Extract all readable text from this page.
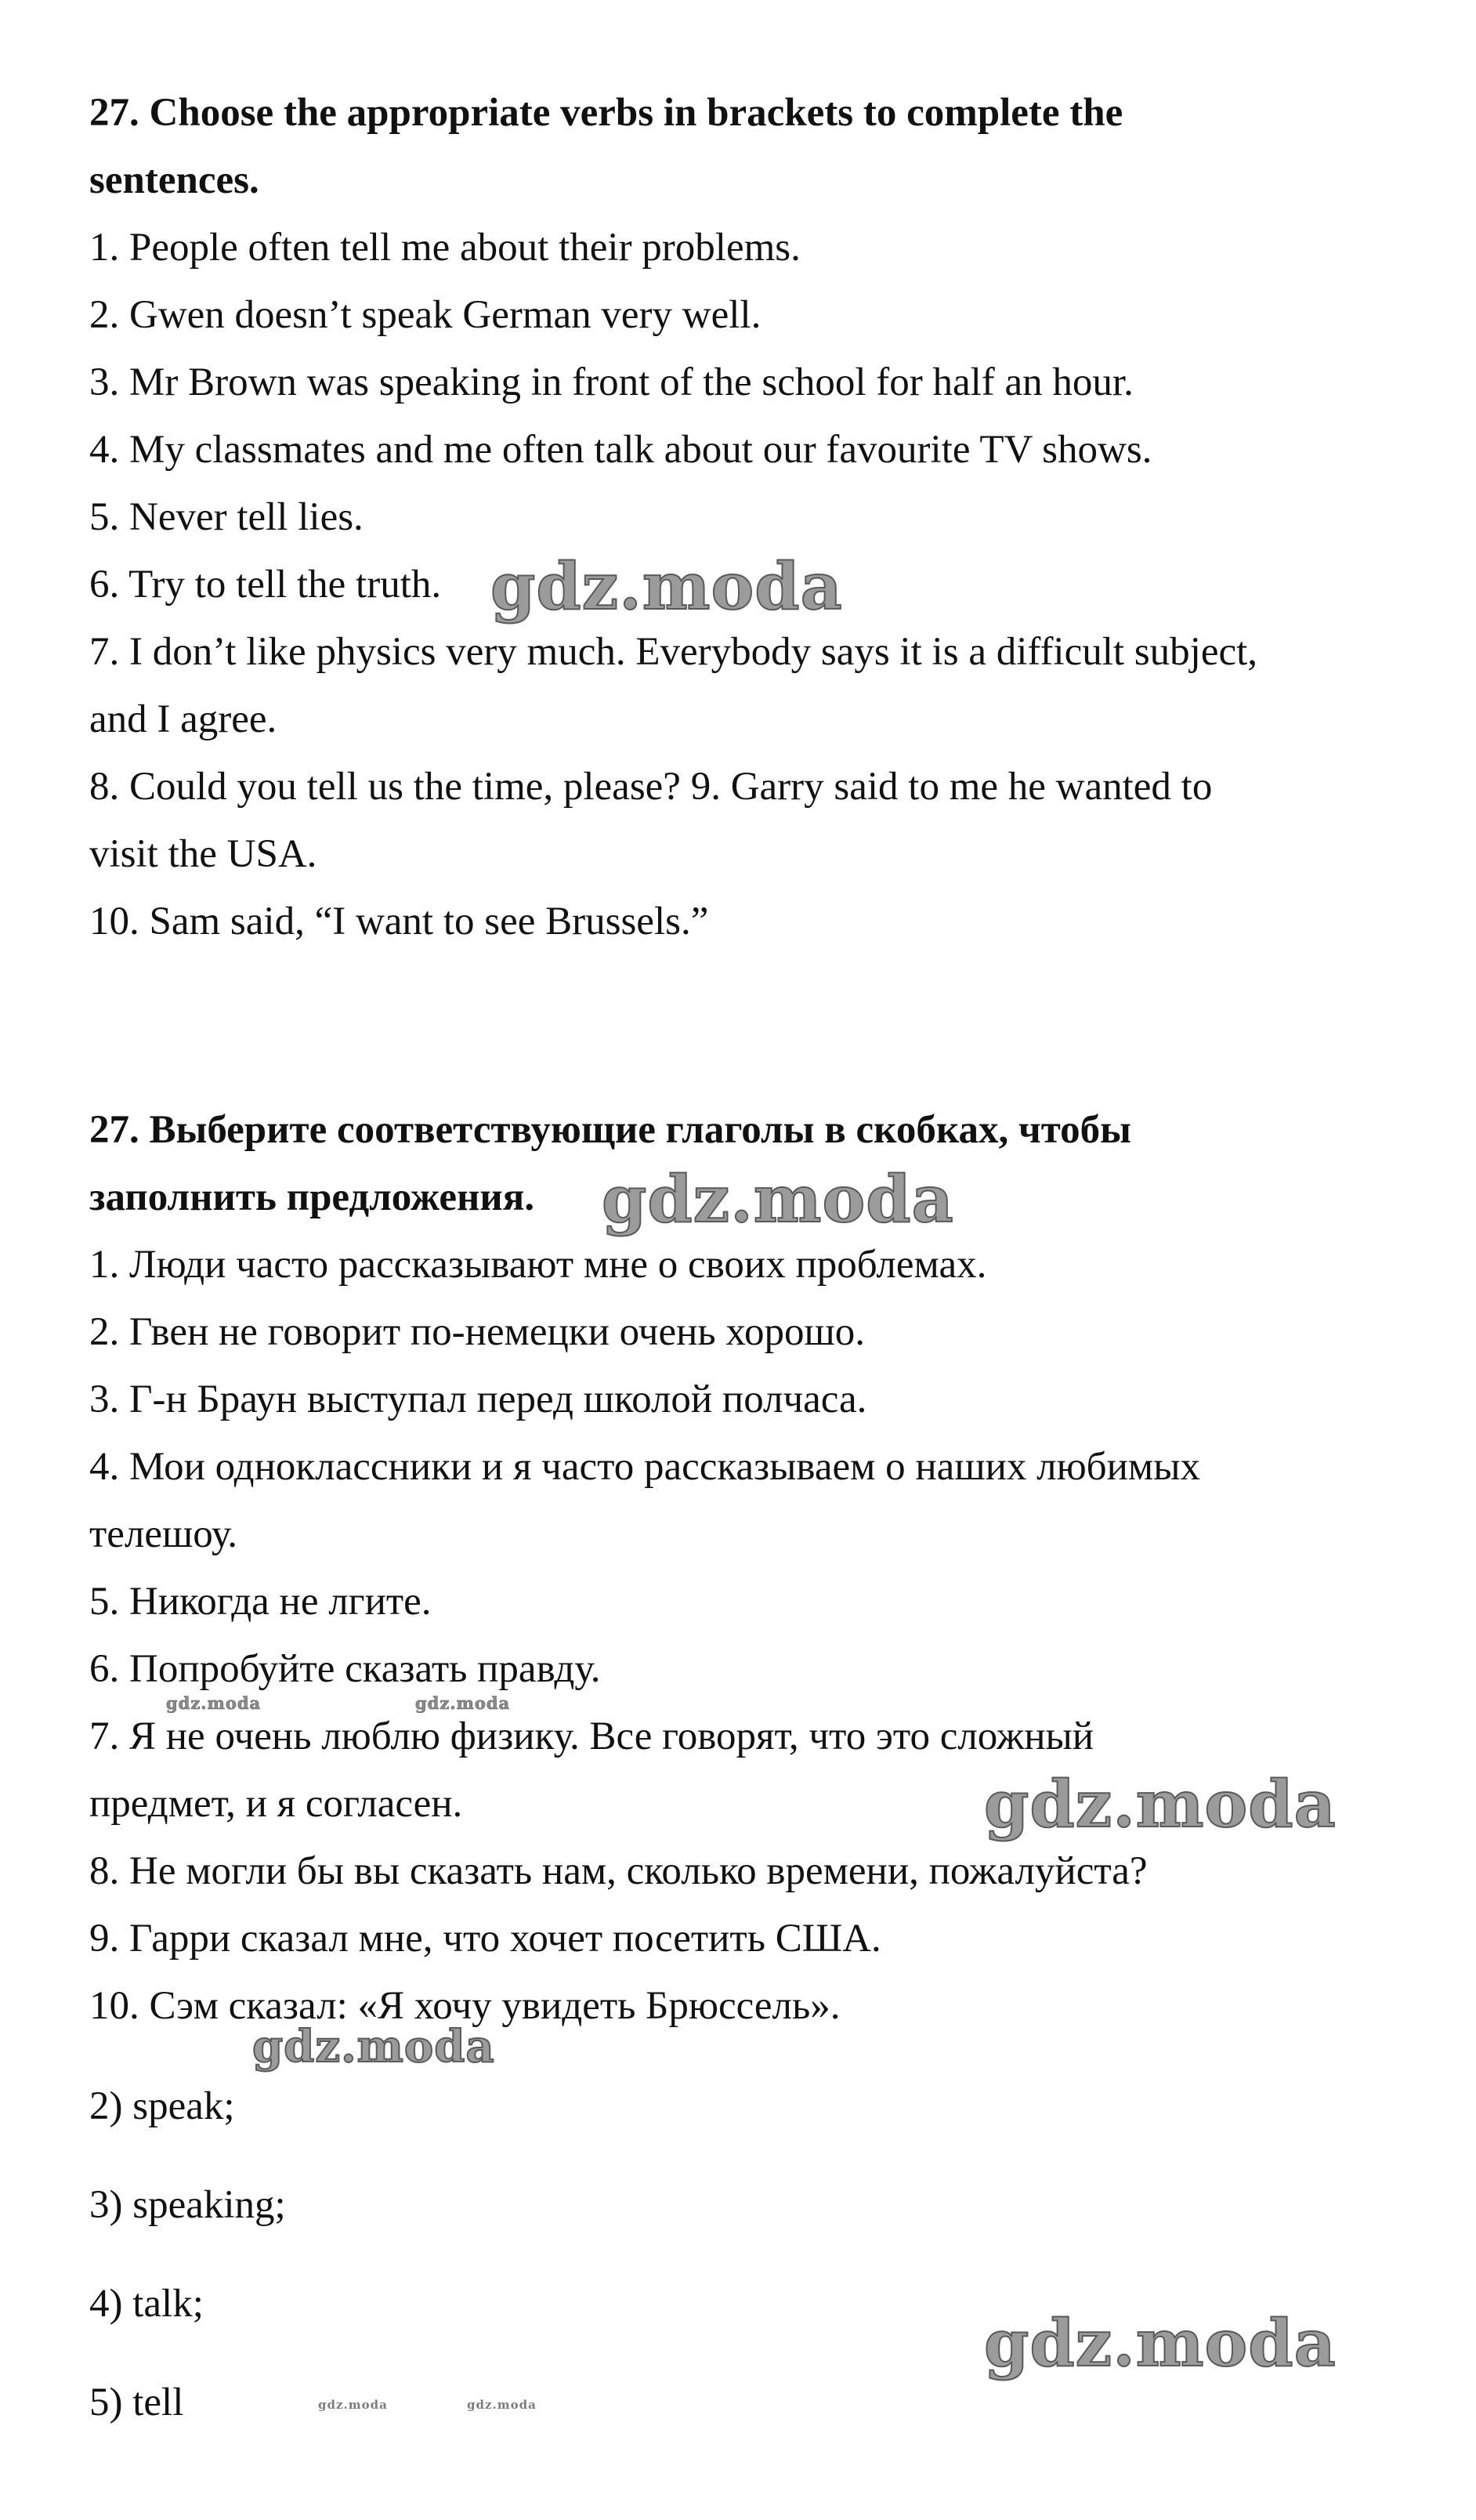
27. Choose the appropriate verbs in brackets to complete the
sentences.
1. People often tell me about their problems.
2. Gwen doesn’t speak German very well.
3. Mr Brown was speaking in front of the school for half an hour.
4. My classmates and me often talk about our favourite TV shows.
5. Never tell lies.
6. Try to tell the truth.
7. I don’t like physics very much. Everybody says it is a difficult subject,
and I agree.
8. Could you tell us the time, please? 9. Garry said to me he wanted to
visit the USA.
10. Sam said, “I want to see Brussels.”
27. Выберите соответствующие глаголы в скобках, чтобы
заполнить предложения.
1. Люди часто рассказывают мне о своих проблемах.
2. Гвен не говорит по-немецки очень хорошо.
3. Г-н Браун выступал перед школой полчаса.
4. Мои одноклассники и я часто рассказываем о наших любимых
телешоу.
5. Никогда не лгите.
6. Попробуйте сказать правду.
7. Я не очень люблю физику. Все говорят, что это сложный
предмет, и я согласен.
8. Не могли бы вы сказать нам, сколько времени, пожалуйста?
9. Гарри сказал мне, что хочет посетить США.
10. Сэм сказал: «Я хочу увидеть Брюссель».
2) speak;
3) speaking;
4) talk;
5) tell
gdz.moda
gdz.moda
gdz.moda	gdz.moda
gdz.moda
gdz.moda
gdz.moda
gdz.moda	gdz.moda
